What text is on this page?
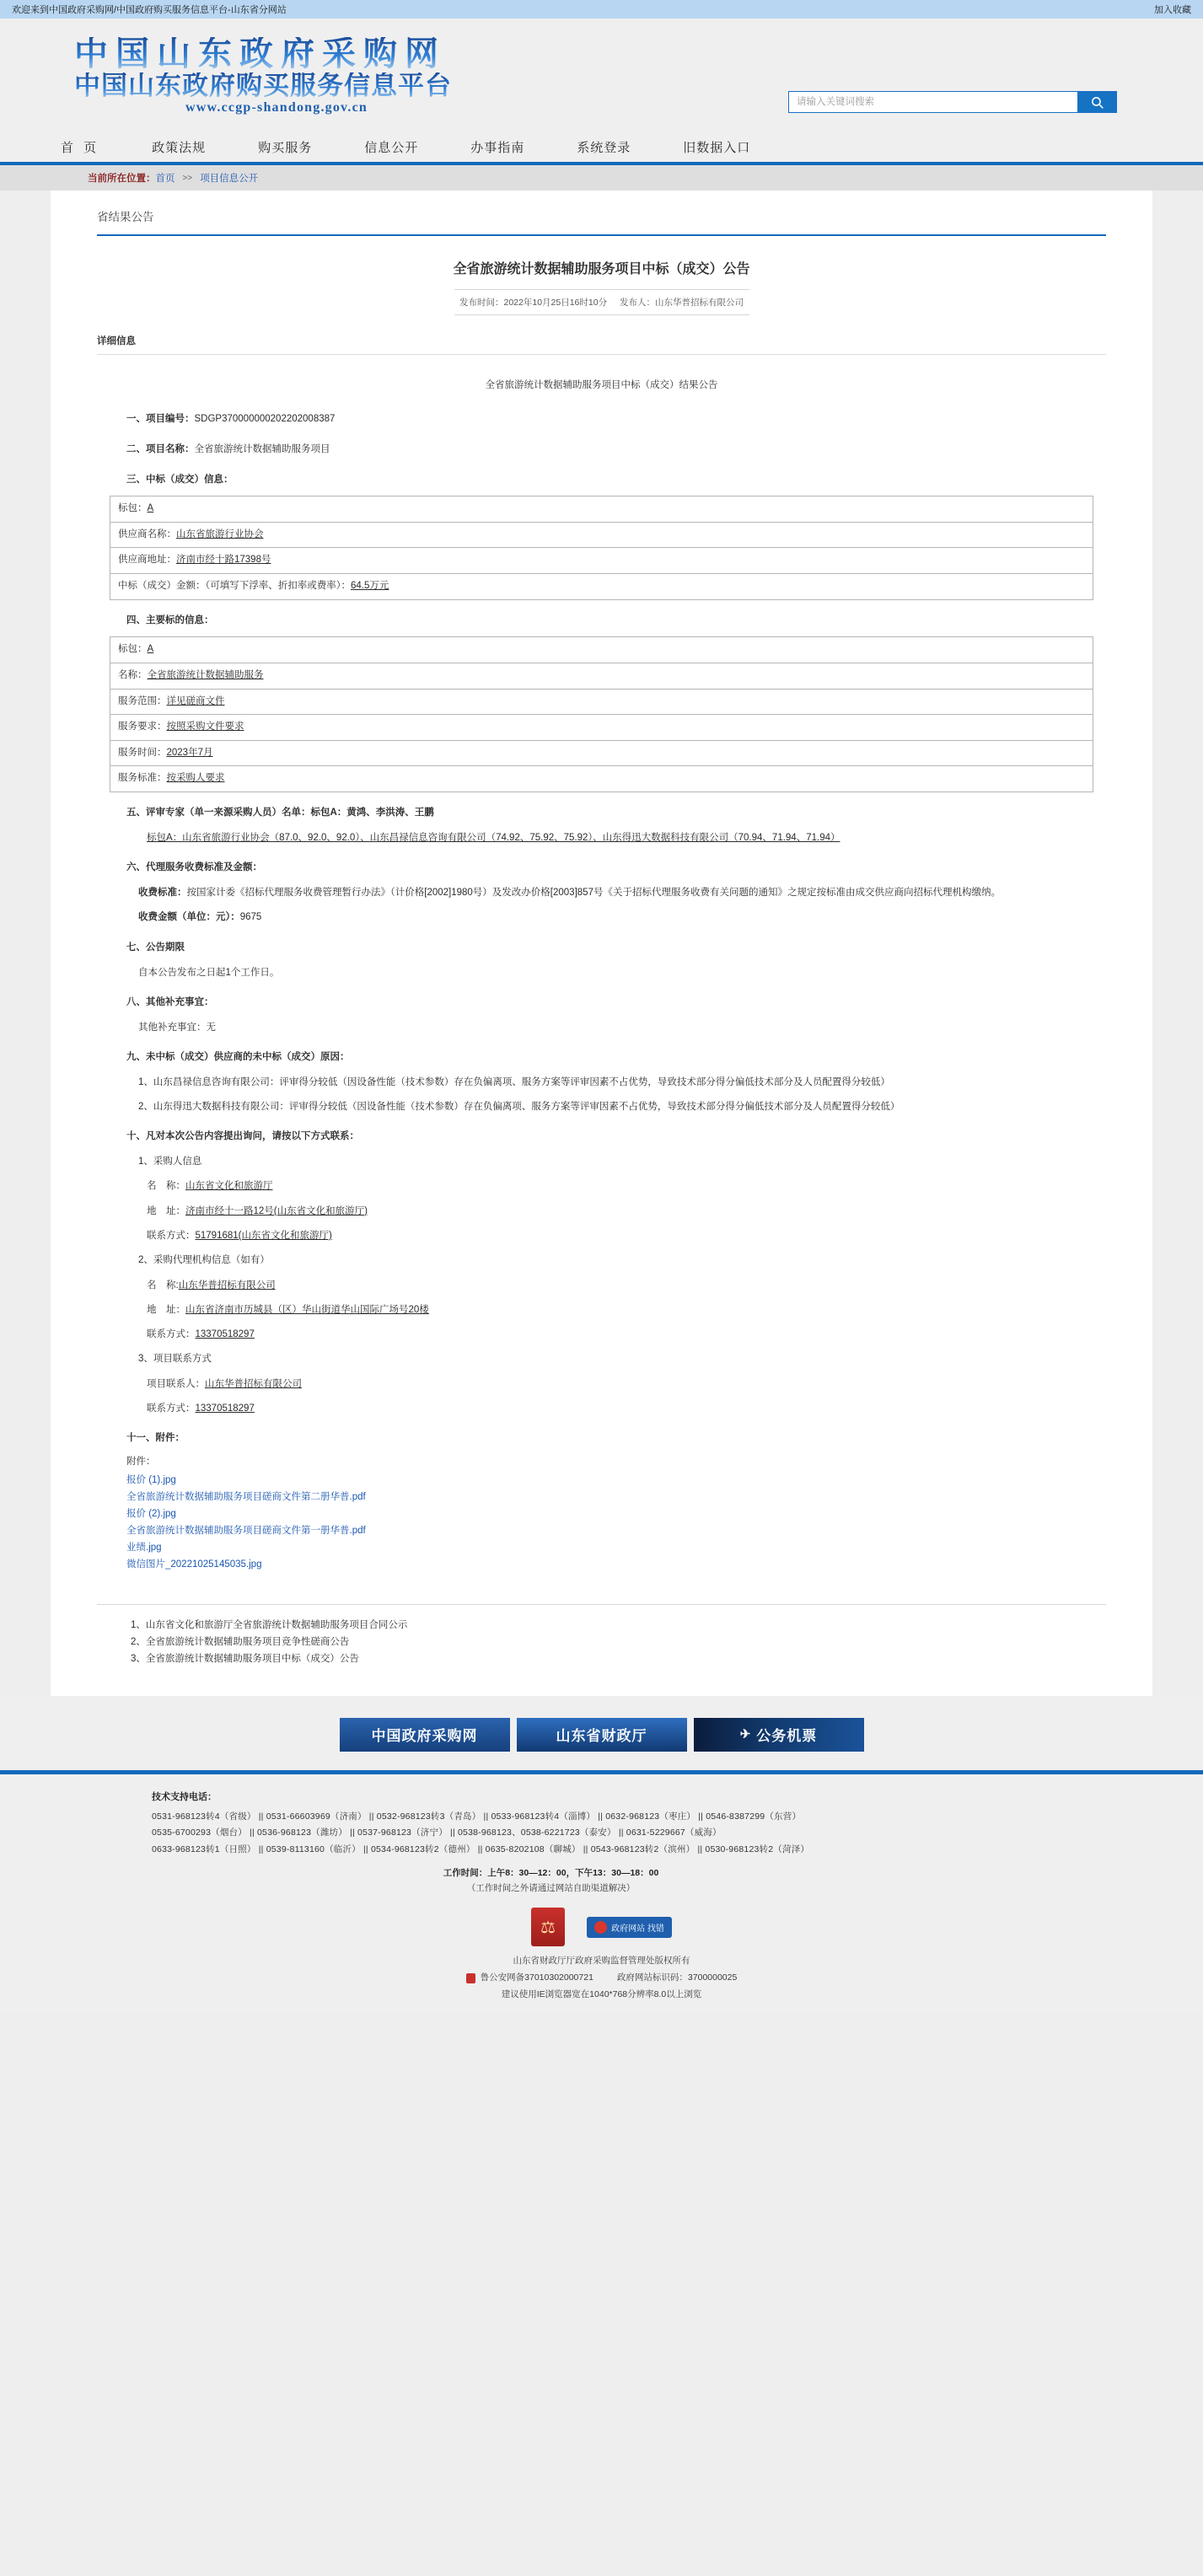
欢迎来到中国政府采购网/中国政府购买服务信息平台-山东省分网站	加入收藏
中国山东政府采购网
中国山东政府购买服务信息平台
www.ccgp-shandong.gov.cn
请输入关键词搜索
首 页	政策法规	购买服务	信息公开	办事指南	系统登录	旧数据入口
当前所在位置： 首页 >> 项目信息公开
省结果公告
全省旅游统计数据辅助服务项目中标（成交）公告
发布时间：2022年10月25日16时10分 发布人：山东华普招标有限公司
详细信息
全省旅游统计数据辅助服务项目中标（成交）结果公告
一、项目编号：SDGP370000000202202008387
二、项目名称：全省旅游统计数据辅助服务项目
三、中标（成交）信息：
标包：A
供应商名称：山东省旅游行业协会
供应商地址：济南市经十路17398号
中标（成交）金额：（可填写下浮率、折扣率或费率）：64.5万元
四、主要标的信息：
标包：A
名称：全省旅游统计数据辅助服务
服务范围：详见磋商文件
服务要求：按照采购文件要求
服务时间：2023年7月
服务标准：按采购人要求
五、评审专家（单一来源采购人员）名单：标包A：黄鸿、李洪涛、王鹏
标包A：山东省旅游行业协会（87.0、92.0、92.0）、山东昌禄信息咨询有限公司（74.92、75.92、75.92）、山东得迅大数据科技有限公司（70.94、71.94、71.94）
六、代理服务收费标准及金额：
收费标准：按国家计委《招标代理服务收费管理暂行办法》（计价格[2002]1980号）及发改办价格[2003]857号《关于招标代理服务收费有关问题的通知》之规定按标准由成交供应商向招标代理机构缴纳。
收费金额（单位：元）：9675
七、公告期限
自本公告发布之日起1个工作日。
八、其他补充事宜：
其他补充事宜：无
九、未中标（成交）供应商的未中标（成交）原因：
1、山东昌禄信息咨询有限公司：评审得分较低（因设备性能（技术参数）存在负偏离项、服务方案等评审因素不占优势，导致技术部分得分偏低技术部分及人员配置得分较低）
2、山东得迅大数据科技有限公司：评审得分较低（因设备性能（技术参数）存在负偏离项、服务方案等评审因素不占优势，导致技术部分得分偏低技术部分及人员配置得分较低）
十、凡对本次公告内容提出询问，请按以下方式联系：
1、采购人信息
名　称：山东省文化和旅游厅
地　址：济南市经十一路12号(山东省文化和旅游厅)
联系方式：51791681(山东省文化和旅游厅)
2、采购代理机构信息（如有）
名　称:山东华普招标有限公司
地　址：山东省济南市历城县（区）华山街道华山国际广场号20楼
联系方式：13370518297
3、项目联系方式
项目联系人：山东华普招标有限公司
联系方式：13370518297
十一、附件：
附件：
报价 (1).jpg
全省旅游统计数据辅助服务项目磋商文件第二册华普.pdf
报价 (2).jpg
全省旅游统计数据辅助服务项目磋商文件第一册华普.pdf
业绩.jpg
微信图片_20221025145035.jpg
1、山东省文化和旅游厅全省旅游统计数据辅助服务项目合同公示
2、全省旅游统计数据辅助服务项目竞争性磋商公告
3、全省旅游统计数据辅助服务项目中标（成交）公告
中国政府采购网	山东省财政厅	✈ 公务机票
技术支持电话：
0531-968123转4（省级） || 0531-66603969（济南） || 0532-968123转3（青岛） || 0533-968123转4（淄博） || 0632-968123（枣庄） || 0546-8387299（东营）
0535-6700293（烟台） || 0536-968123（潍坊） || 0537-968123（济宁） || 0538-968123、0538-6221723（泰安） || 0631-5229667（威海）
0633-968123转1（日照） || 0539-8113160（临沂） || 0534-968123转2（德州） || 0635-8202108（聊城） || 0543-968123转2（滨州） || 0530-968123转2（菏泽）
工作时间：上午8：30—12：00，下午13：30—18：00
（工作时间之外请通过网站自助渠道解决）
⚖	政府网站 找错
山东省财政厅厅政府采购监督管理处版权所有
鲁公安网备37010302000721	政府网站标识码：3700000025
建议使用IE浏览器宽在1040*768分辨率8.0以上浏览
